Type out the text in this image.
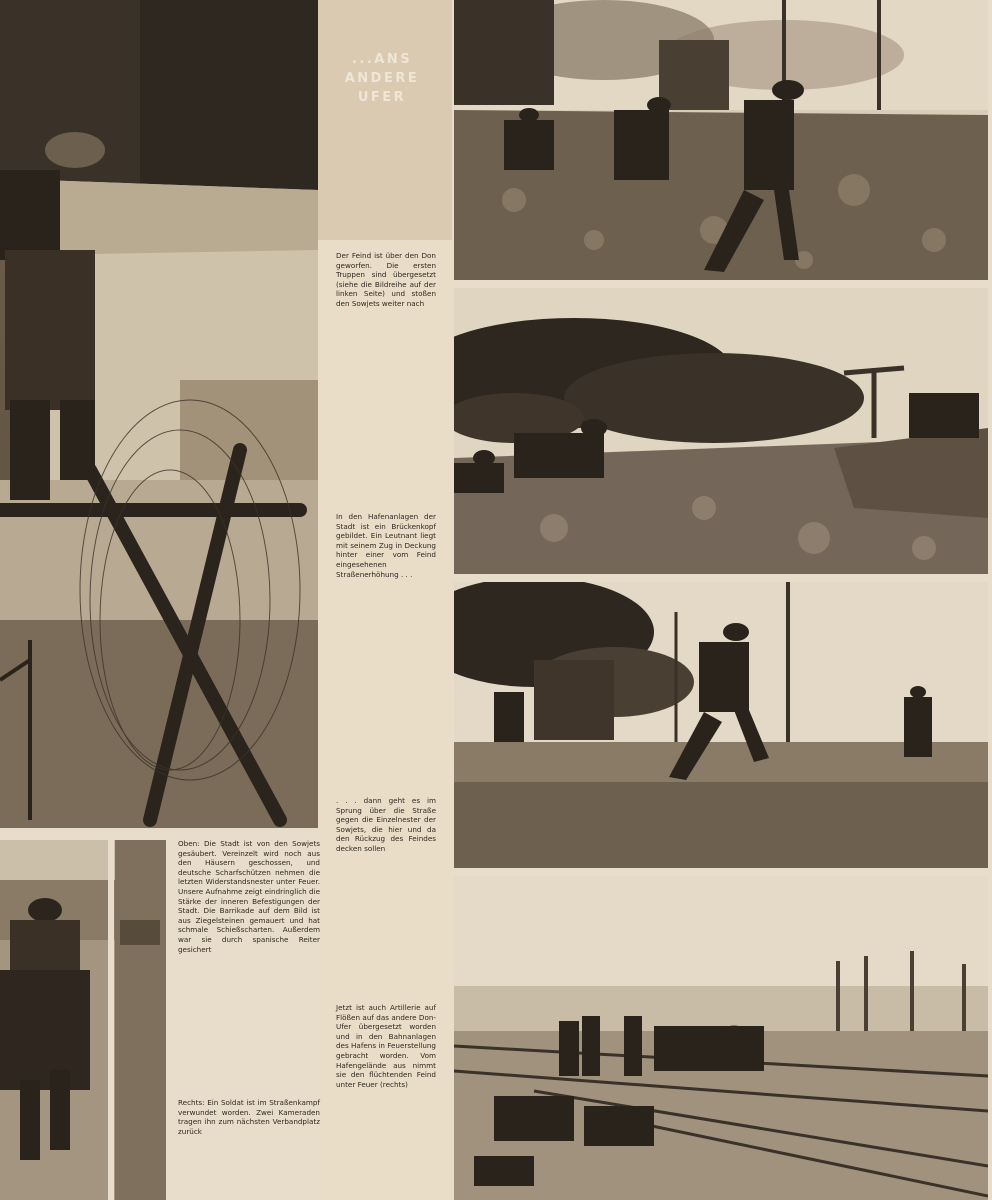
...ANS
ANDERE
UFER
Der Feind ist über den Don geworfen. Die ersten Truppen sind übergesetzt (siehe die Bildreihe auf der linken Seite) und stoßen den Sowjets weiter nach
In den Hafenanlagen der Stadt ist ein Brückenkopf gebildet. Ein Leutnant liegt mit seinem Zug in Deckung hinter einer vom Feind eingesehenen Straßenerhöhung . . .
. . . dann geht es im Sprung über die Straße gegen die Einzelnester der Sowjets, die hier und da den Rückzug des Feindes decken sollen
Jetzt ist auch Artillerie auf Flößen auf das andere Don-Ufer übergesetzt worden und in den Bahnanlagen des Hafens in Feuerstellung gebracht worden. Vom Hafengelände aus nimmt sie den flüchtenden Feind unter Feuer (rechts)
Oben: Die Stadt ist von den Sowjets gesäubert. Vereinzelt wird noch aus den Häusern geschossen, und deutsche Scharfschützen nehmen die letzten Widerstandsnester unter Feuer. Unsere Aufnahme zeigt eindringlich die Stärke der inneren Befestigungen der Stadt. Die Barrikade auf dem Bild ist aus Ziegelsteinen gemauert und hat schmale Schießscharten. Außerdem war sie durch spanische Reiter gesichert
Rechts: Ein Soldat ist im Straßenkampf verwundet worden. Zwei Kameraden tragen ihn zum nächsten Verbandplatz zurück
